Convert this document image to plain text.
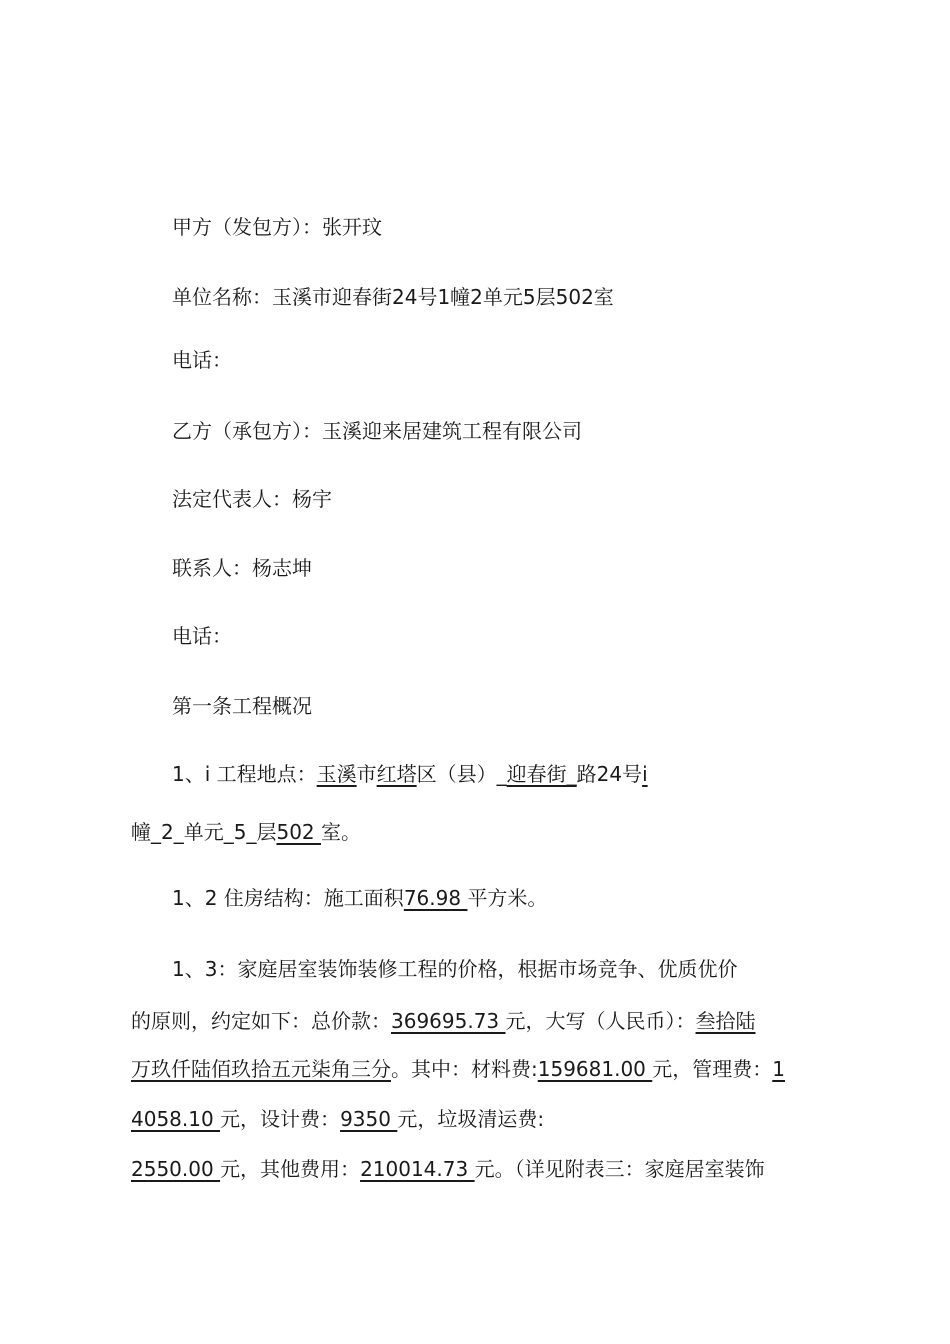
甲方（发包方）：张开玟
单位名称：玉溪市迎春街24号1幢2单元5层502室
电话：
乙方（承包方）：玉溪迎来居建筑工程有限公司
法定代表人：杨宇
联系人：杨志坤
电话：
第一条工程概况
1、i 工程地点：玉溪市红塔区（县）_迎春街_路24号i
幢_2_单元_5_层502 室。
1、2 住房结构：施工面积76.98 平方米。
1、3：家庭居室装饰装修工程的价格，根据市场竞争、优质优价
的原则，约定如下：总价款：369695.73 元，大写（人民币）：叁拾陆
万玖仟陆佰玖拾五元柒角三分。其中：材料费:159681.00 元，管理费：1
4058.10 元，设计费：9350 元，垃圾清运费:
2550.00 元，其他费用：210014.73 元。（详见附表三：家庭居室装饰
